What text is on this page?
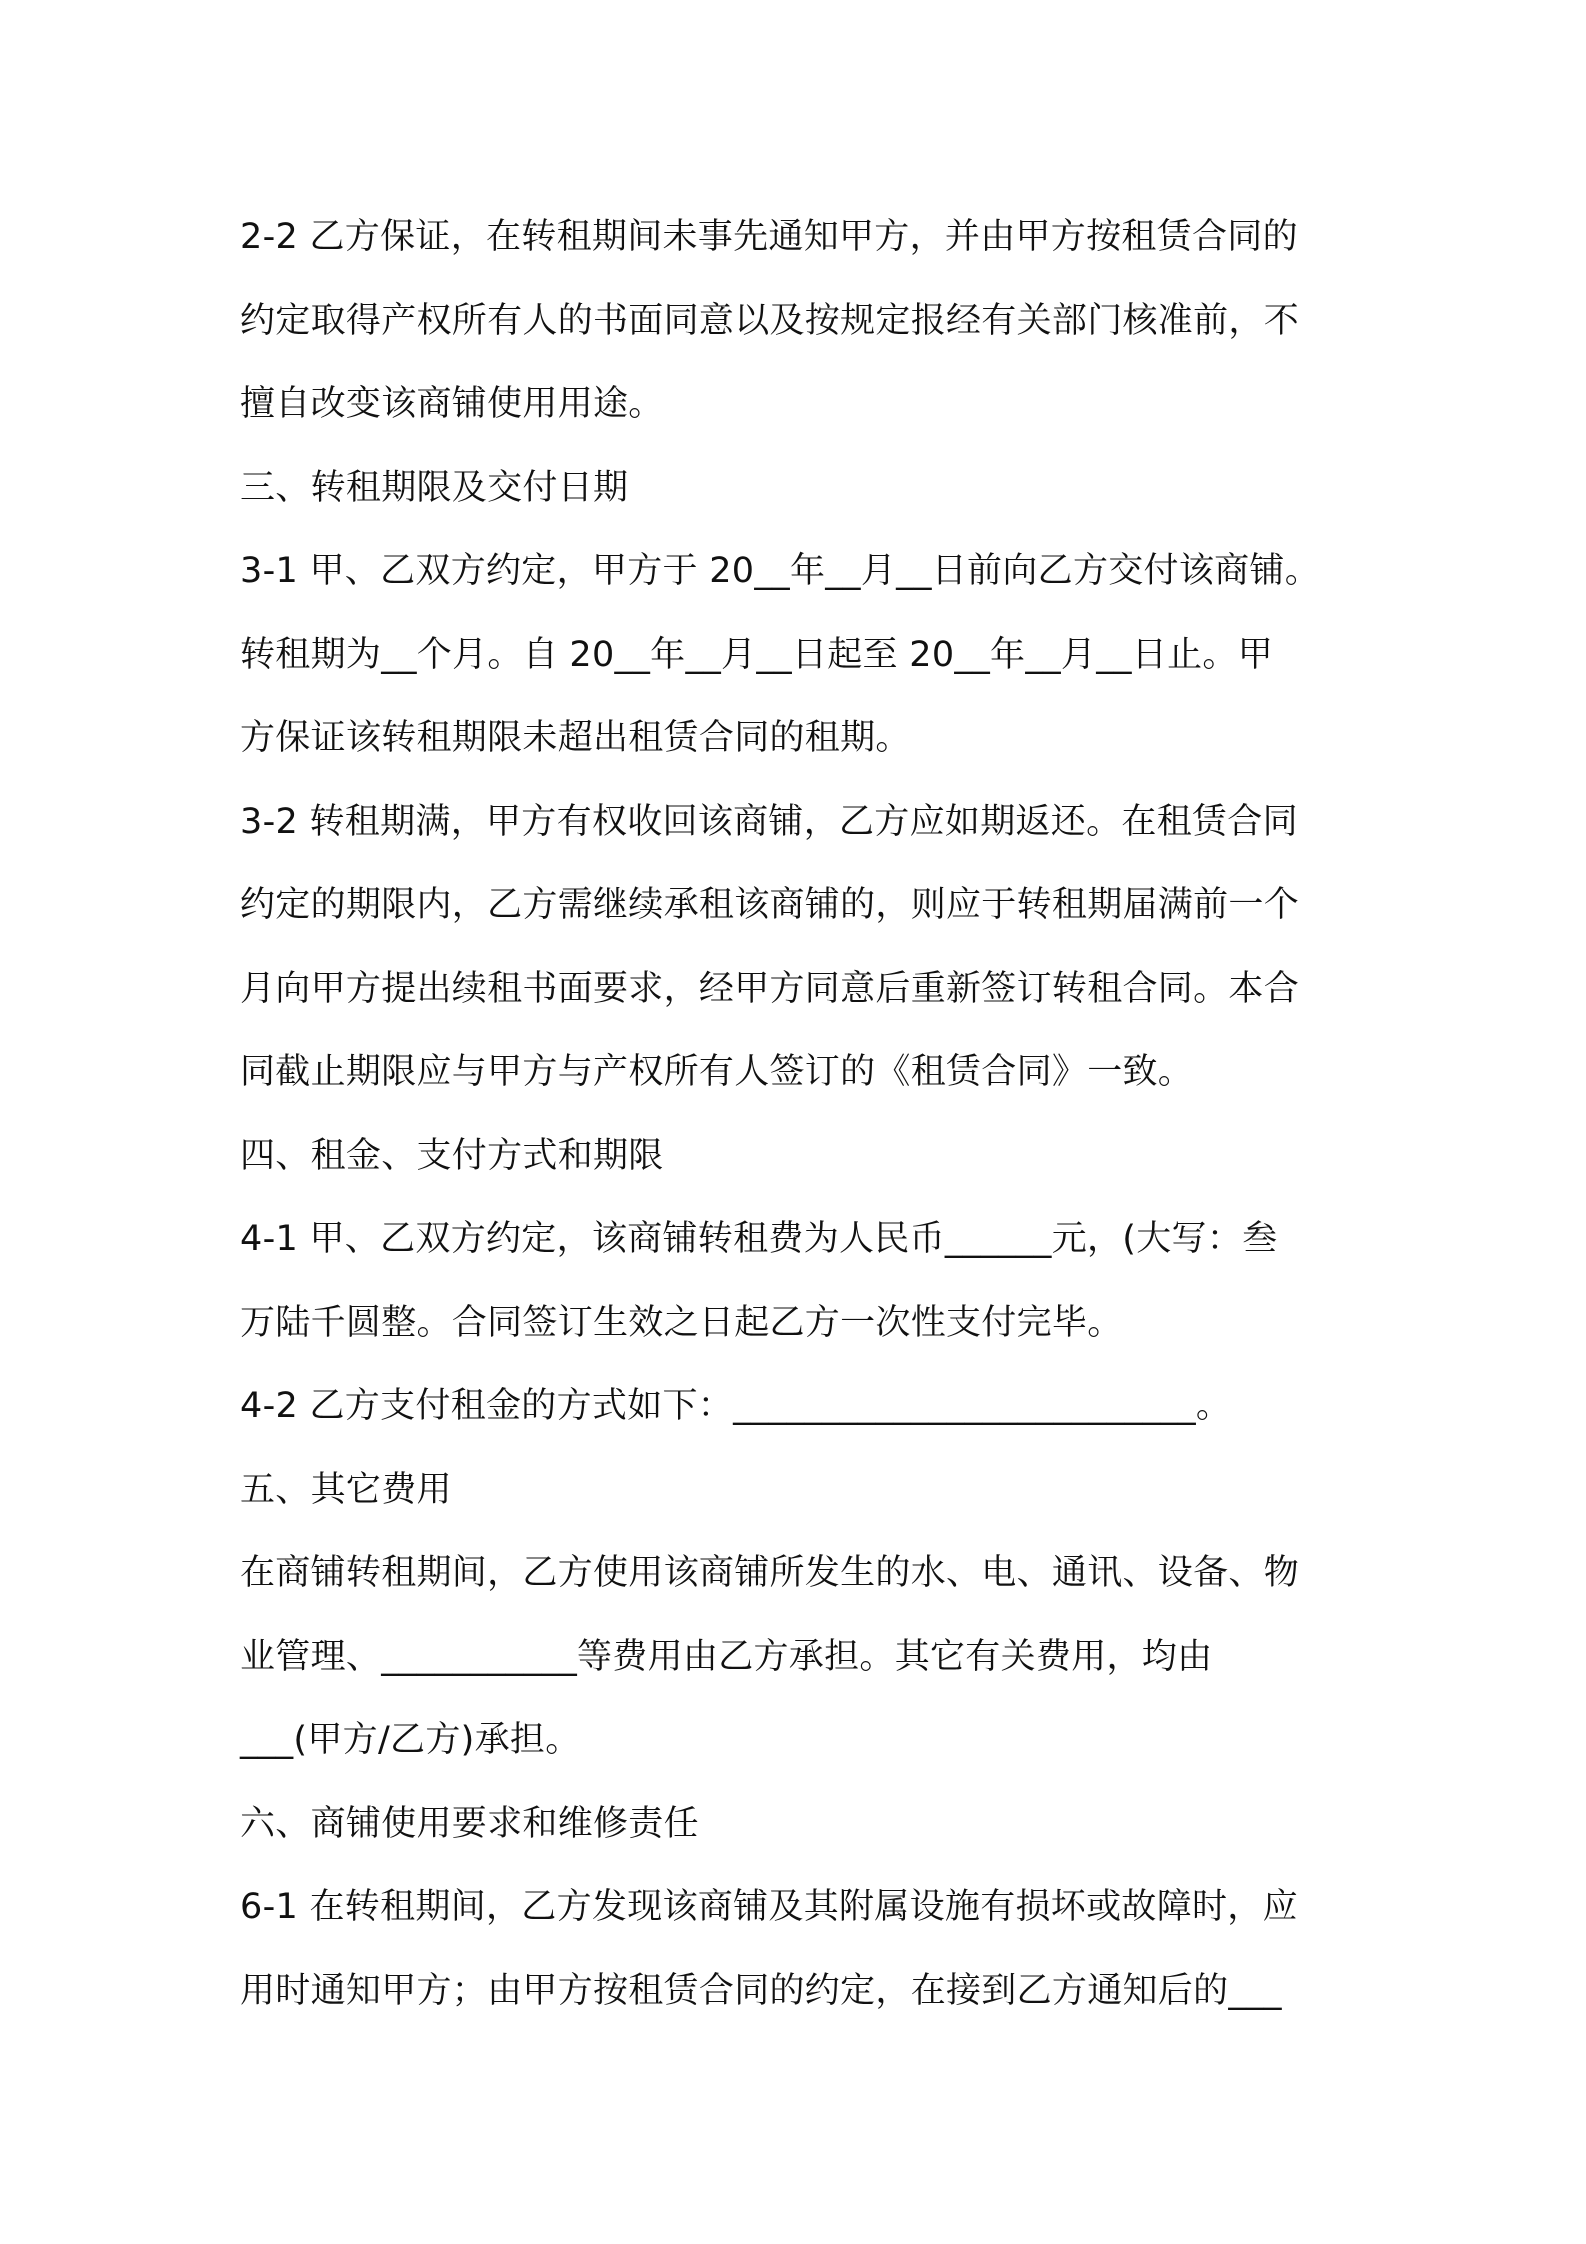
2-2 乙方保证，在转租期间未事先通知甲方，并由甲方按租赁合同的
约定取得产权所有人的书面同意以及按规定报经有关部门核准前，不
擅自改变该商铺使用用途。
三、转租期限及交付日期
3-1 甲、乙双方约定，甲方于 20__年__月__日前向乙方交付该商铺。
转租期为__个月。自 20__年__月__日起至 20__年__月__日止。甲
方保证该转租期限未超出租赁合同的租期。
3-2 转租期满，甲方有权收回该商铺，乙方应如期返还。在租赁合同
约定的期限内，乙方需继续承租该商铺的，则应于转租期届满前一个
月向甲方提出续租书面要求，经甲方同意后重新签订转租合同。本合
同截止期限应与甲方与产权所有人签订的《租赁合同》一致。
四、租金、支付方式和期限
4-1 甲、乙双方约定，该商铺转租费为人民币______元，(大写：叁
万陆千圆整。合同签订生效之日起乙方一次性支付完毕。
4-2 乙方支付租金的方式如下：__________________________。
五、其它费用
在商铺转租期间，乙方使用该商铺所发生的水、电、通讯、设备、物
业管理、___________等费用由乙方承担。其它有关费用，均由
___(甲方/乙方)承担。
六、商铺使用要求和维修责任
6-1 在转租期间，乙方发现该商铺及其附属设施有损坏或故障时，应
用时通知甲方；由甲方按租赁合同的约定，在接到乙方通知后的___
